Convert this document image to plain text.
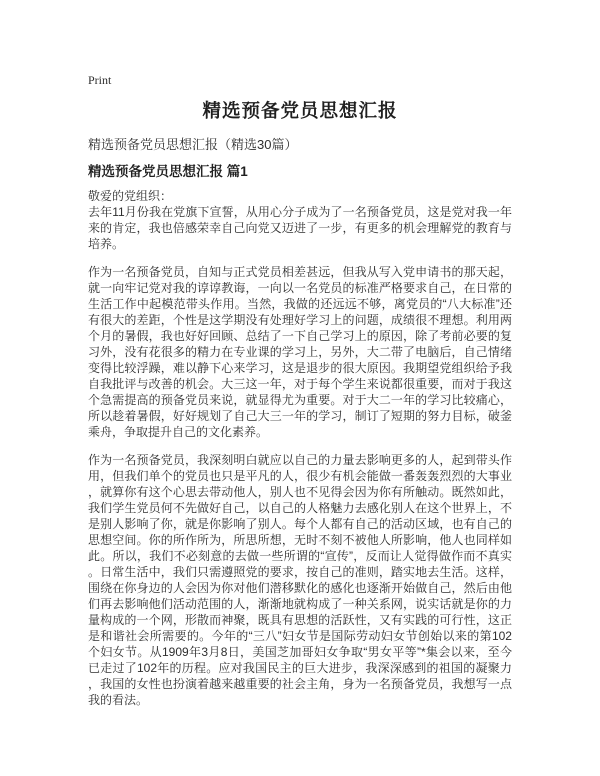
Print
精选预备党员思想汇报

精选预备党员思想汇报（精选30篇）

精选预备党员思想汇报 篇1

敬爱的党组织：

去年11月份我在党旗下宣誓，从用心分子成为了一名预备党员，这是党对我一年来的肯定，我也倍感荣幸自己向党又迈进了一步，有更多的机会理解党的教育与培养。

作为一名预备党员，自知与正式党员相差甚远，但我从写入党申请书的那天起，就一向牢记党对我的谆谆教诲，一向以一名党员的标准严格要求自己，在日常的生活工作中起模范带头作用。当然，我做的还远远不够，离党员的“八大标准”还有很大的差距，个性是这学期没有处理好学习上的问题，成绩很不理想。利用两个月的暑假，我也好好回顾、总结了一下自己学习上的原因，除了考前必要的复习外，没有花很多的精力在专业课的学习上，另外，大二带了电脑后，自己情绪变得比较浮躁，难以静下心来学习，这是退步的很大原因。我期望党组织给予我自我批评与改善的机会。大三这一年，对于每个学生来说都很重要，而对于我这个急需提高的预备党员来说，就显得尤为重要。对于大二一年的学习比较痛心，所以趁着暑假，好好规划了自己大三一年的学习，制订了短期的努力目标，破釜乘舟，争取提升自己的文化素养。

作为一名预备党员，我深刻明白就应以自己的力量去影响更多的人，起到带头作用，但我们单个的党员也只是平凡的人，很少有机会能做一番轰轰烈烈的大事业，就算你有这个心思去带动他人，别人也不见得会因为你有所触动。既然如此，我们学生党员何不先做好自己，以自己的人格魅力去感化别人在这个世界上，不是别人影响了你，就是你影响了别人。每个人都有自己的活动区域，也有自己的思想空间。你的所作所为，所思所想，无时不刻不被他人所影响，他人也同样如此。所以，我们不必刻意的去做一些所谓的“宣传”，反而让人觉得做作而不真实。日常生活中，我们只需遵照党的要求，按自己的准则，踏实地去生活。这样，围绕在你身边的人会因为你对他们潜移默化的感化也逐渐开始做自己，然后由他们再去影响他们活动范围的人，渐渐地就构成了一种关系网，说实话就是你的力量构成的一个网，形散而神聚，既具有思想的活跃性，又有实践的可行性，这正是和谐社会所需要的。今年的“三八”妇女节是国际劳动妇女节创始以来的第102个妇女节。从1909年3月8日，美国芝加哥妇女争取“男女平等”*集会以来，至今已走过了102年的历程。应对我国民主的巨大进步，我深深感到的祖国的凝聚力，我国的女性也扮演着越来越重要的社会主角，身为一名预备党员，我想写一点我的看法。
